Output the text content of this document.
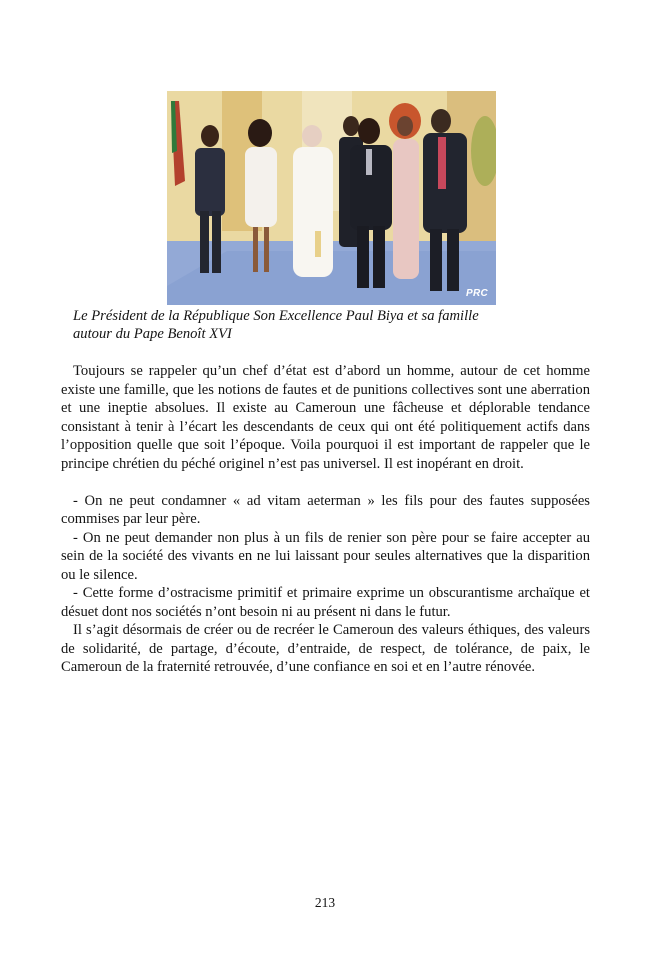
PRC
Le Président de la République Son Excellence Paul Biya et sa famille
autour du Pape Benoît XVI

Toujours se rappeler qu’un chef d’état est d’abord un homme, autour de cet homme existe une famille, que les notions de fautes et de punitions collectives sont une aberration et une ineptie absolues. Il existe au Cameroun une fâcheuse et déplorable tendance consistant à tenir à l’écart les descendants de ceux qui ont été politiquement actifs dans l’opposition quelle que soit l’époque. Voila pourquoi il est important de rappeler que le principe chrétien du péché originel n’est pas universel. Il est inopérant en droit.

- On ne peut condamner « ad vitam aeterman » les fils pour des fautes supposées commises par leur père.

- On ne peut demander non plus à un fils de renier son père pour se faire accepter au sein de la société des vivants en ne lui laissant pour seules alternatives que la disparition ou le silence.

- Cette forme d’ostracisme primitif et primaire exprime un obscurantisme archaïque et désuet dont nos sociétés n’ont besoin ni au présent ni dans le futur.

Il s’agit désormais de créer ou de recréer le Cameroun des valeurs éthiques, des valeurs de solidarité, de partage, d’écoute, d’entraide, de respect, de tolérance, de paix, le Cameroun de la fraternité retrouvée, d’une confiance en soi et en l’autre rénovée.

213
